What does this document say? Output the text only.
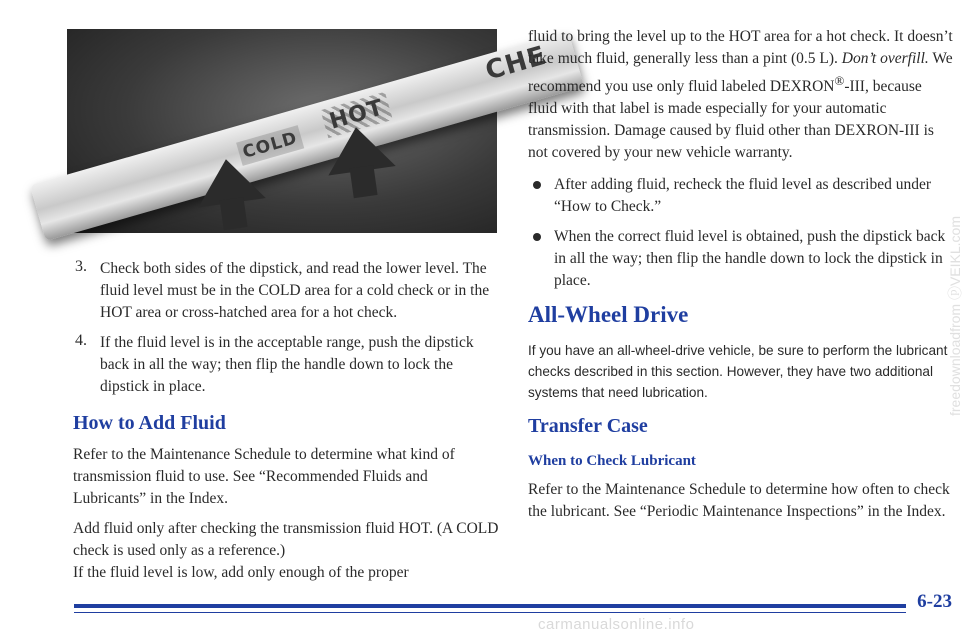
COLD
HOT
CHE
3. Check both sides of the dipstick, and read the lower level. The fluid level must be in the COLD area for a cold check or in the HOT area or cross-hatched area for a hot check.

4. If the fluid level is in the acceptable range, push the dipstick back in all the way; then flip the handle down to lock the dipstick in place.

How to Add Fluid

Refer to the Maintenance Schedule to determine what kind of transmission fluid to use. See “Recommended Fluids and Lubricants” in the Index.

Add fluid only after checking the transmission fluid HOT. (A COLD check is used only as a reference.)

If the fluid level is low, add only enough of the proper

fluid to bring the level up to the HOT area for a hot check. It doesn’t take much fluid, generally less than a pint (0.5 L). Don’t overfill. We recommend you use only fluid labeled DEXRON®-III, because fluid with that label is made especially for your automatic transmission. Damage caused by fluid other than DEXRON-III is not covered by your new vehicle warranty.

After adding fluid, recheck the fluid level as described under “How to Check.”

When the correct fluid level is obtained, push the dipstick back in all the way; then flip the handle down to lock the dipstick in place.

All-Wheel Drive

If you have an all-wheel-drive vehicle, be sure to perform the lubricant checks described in this section. However, they have two additional systems that need lubrication.

Transfer Case
When to Check Lubricant

Refer to the Maintenance Schedule to determine how often to check the lubricant. See “Periodic Maintenance Inspections” in the Index.

6-23
carmanualsonline.info
freedownloadfrom ⓟVEIKL.com
